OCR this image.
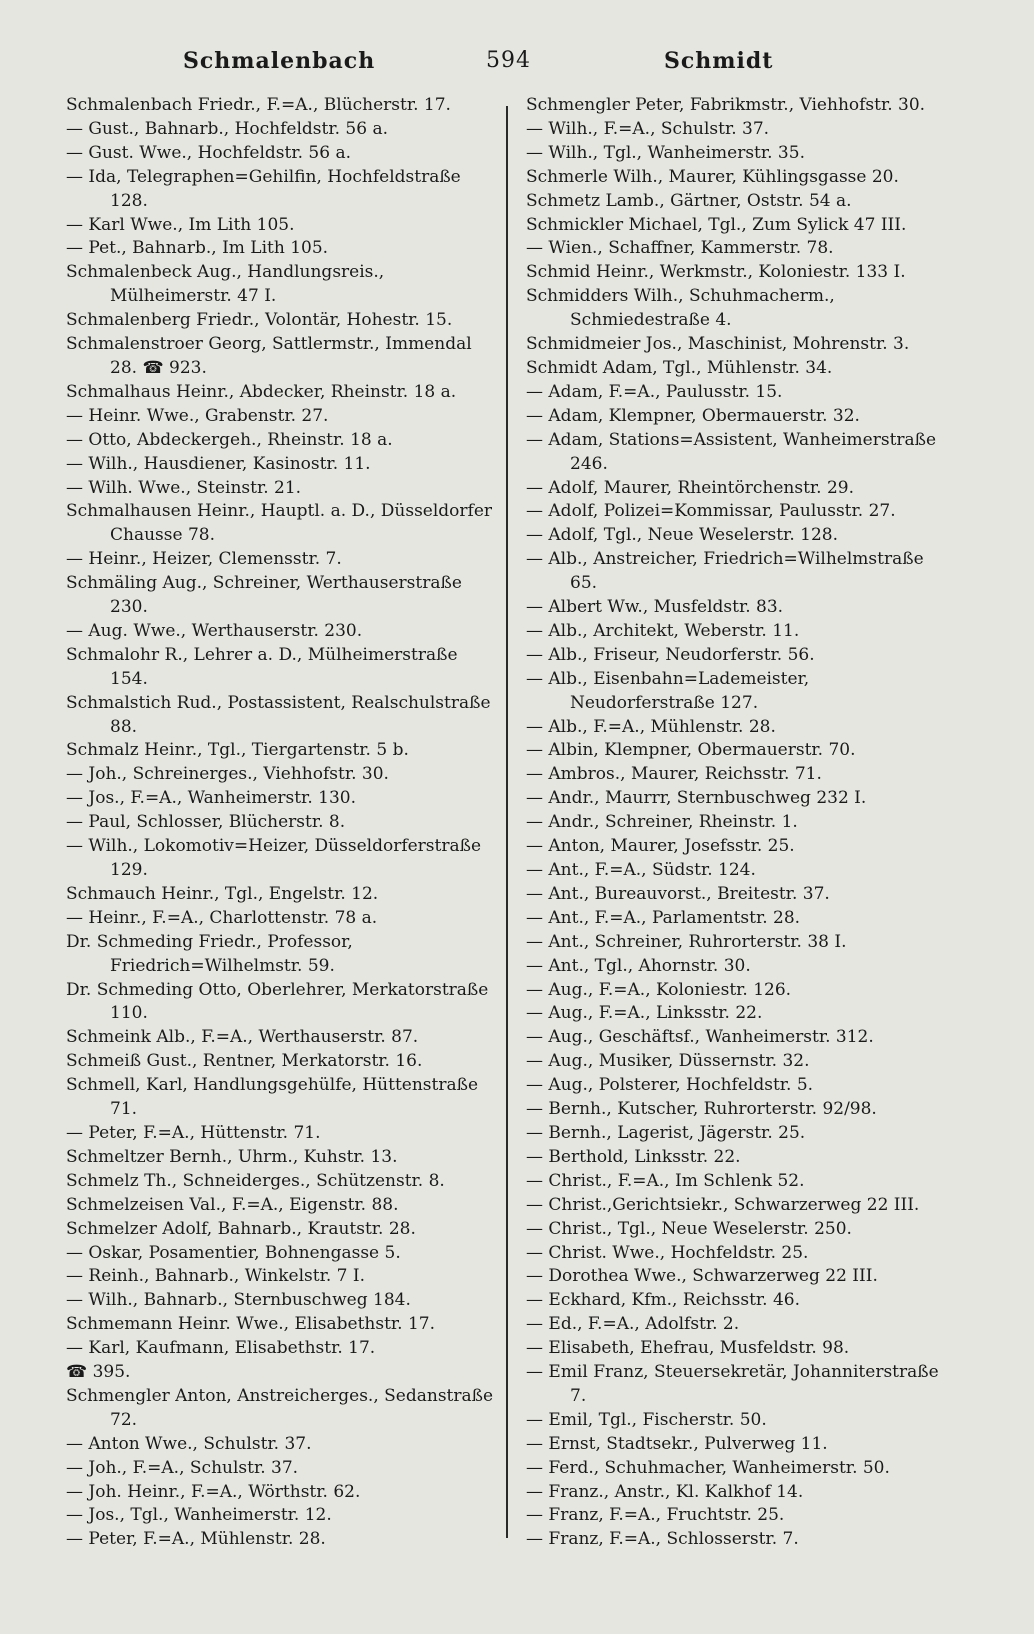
Schmalenbach	594	Schmidt
Schmalenbach Friedr., F.=A., Blücherstr. 17.
— Gust., Bahnarb., Hochfeldstr. 56 a.
— Gust. Wwe., Hochfeldstr. 56 a.
— Ida, Telegraphen=Gehilfin, Hochfeldstraße 128.
— Karl Wwe., Im Lith 105.
— Pet., Bahnarb., Im Lith 105.
Schmalenbeck Aug., Handlungsreis., Mülheimerstr. 47 I.
Schmalenberg Friedr., Volontär, Hohestr. 15.
Schmalenstroer Georg, Sattlermstr., Immendal 28. ☎ 923.
Schmalhaus Heinr., Abdecker, Rheinstr. 18 a.
— Heinr. Wwe., Grabenstr. 27.
— Otto, Abdeckergeh., Rheinstr. 18 a.
— Wilh., Hausdiener, Kasinostr. 11.
— Wilh. Wwe., Steinstr. 21.
Schmalhausen Heinr., Hauptl. a. D., Düsseldorfer Chausse 78.
— Heinr., Heizer, Clemensstr. 7.
Schmäling Aug., Schreiner, Werthauserstraße 230.
— Aug. Wwe., Werthauserstr. 230.
Schmalohr R., Lehrer a. D., Mülheimerstraße 154.
Schmalstich Rud., Postassistent, Realschulstraße 88.
Schmalz Heinr., Tgl., Tiergartenstr. 5 b.
— Joh., Schreinerges., Viehhofstr. 30.
— Jos., F.=A., Wanheimerstr. 130.
— Paul, Schlosser, Blücherstr. 8.
— Wilh., Lokomotiv=Heizer, Düsseldorferstraße 129.
Schmauch Heinr., Tgl., Engelstr. 12.
— Heinr., F.=A., Charlottenstr. 78 a.
Dr. Schmeding Friedr., Professor, Friedrich=Wilhelmstr. 59.
Dr. Schmeding Otto, Oberlehrer, Merkatorstraße 110.
Schmeink Alb., F.=A., Werthauserstr. 87.
Schmeiß Gust., Rentner, Merkatorstr. 16.
Schmell, Karl, Handlungsgehülfe, Hüttenstraße 71.
— Peter, F.=A., Hüttenstr. 71.
Schmeltzer Bernh., Uhrm., Kuhstr. 13.
Schmelz Th., Schneiderges., Schützenstr. 8.
Schmelzeisen Val., F.=A., Eigenstr. 88.
Schmelzer Adolf, Bahnarb., Krautstr. 28.
— Oskar, Posamentier, Bohnengasse 5.
— Reinh., Bahnarb., Winkelstr. 7 I.
— Wilh., Bahnarb., Sternbuschweg 184.
Schmemann Heinr. Wwe., Elisabethstr. 17.
— Karl, Kaufmann, Elisabethstr. 17.
☎ 395.
Schmengler Anton, Anstreicherges., Sedanstraße 72.
— Anton Wwe., Schulstr. 37.
— Joh., F.=A., Schulstr. 37.
— Joh. Heinr., F.=A., Wörthstr. 62.
— Jos., Tgl., Wanheimerstr. 12.
— Peter, F.=A., Mühlenstr. 28.
Schmengler Peter, Fabrikmstr., Viehhofstr. 30.
— Wilh., F.=A., Schulstr. 37.
— Wilh., Tgl., Wanheimerstr. 35.
Schmerle Wilh., Maurer, Kühlingsgasse 20.
Schmetz Lamb., Gärtner, Oststr. 54 a.
Schmickler Michael, Tgl., Zum Sylick 47 III.
— Wien., Schaffner, Kammerstr. 78.
Schmid Heinr., Werkmstr., Koloniestr. 133 I.
Schmidders Wilh., Schuhmacherm., Schmiedestraße 4.
Schmidmeier Jos., Maschinist, Mohrenstr. 3.
Schmidt Adam, Tgl., Mühlenstr. 34.
— Adam, F.=A., Paulusstr. 15.
— Adam, Klempner, Obermauerstr. 32.
— Adam, Stations=Assistent, Wanheimerstraße 246.
— Adolf, Maurer, Rheintörchenstr. 29.
— Adolf, Polizei=Kommissar, Paulusstr. 27.
— Adolf, Tgl., Neue Weselerstr. 128.
— Alb., Anstreicher, Friedrich=Wilhelmstraße 65.
— Albert Ww., Musfeldstr. 83.
— Alb., Architekt, Weberstr. 11.
— Alb., Friseur, Neudorferstr. 56.
— Alb., Eisenbahn=Lademeister, Neudorferstraße 127.
— Alb., F.=A., Mühlenstr. 28.
— Albin, Klempner, Obermauerstr. 70.
— Ambros., Maurer, Reichsstr. 71.
— Andr., Maurrr, Sternbuschweg 232 I.
— Andr., Schreiner, Rheinstr. 1.
— Anton, Maurer, Josefsstr. 25.
— Ant., F.=A., Südstr. 124.
— Ant., Bureauvorst., Breitestr. 37.
— Ant., F.=A., Parlamentstr. 28.
— Ant., Schreiner, Ruhrorterstr. 38 I.
— Ant., Tgl., Ahornstr. 30.
— Aug., F.=A., Koloniestr. 126.
— Aug., F.=A., Linksstr. 22.
— Aug., Geschäftsf., Wanheimerstr. 312.
— Aug., Musiker, Düssernstr. 32.
— Aug., Polsterer, Hochfeldstr. 5.
— Bernh., Kutscher, Ruhrorterstr. 92/98.
— Bernh., Lagerist, Jägerstr. 25.
— Berthold, Linksstr. 22.
— Christ., F.=A., Im Schlenk 52.
— Christ.,Gerichtsiekr., Schwarzerweg 22 III.
— Christ., Tgl., Neue Weselerstr. 250.
— Christ. Wwe., Hochfeldstr. 25.
— Dorothea Wwe., Schwarzerweg 22 III.
— Eckhard, Kfm., Reichsstr. 46.
— Ed., F.=A., Adolfstr. 2.
— Elisabeth, Ehefrau, Musfeldstr. 98.
— Emil Franz, Steuersekretär, Johanniterstraße 7.
— Emil, Tgl., Fischerstr. 50.
— Ernst, Stadtsekr., Pulverweg 11.
— Ferd., Schuhmacher, Wanheimerstr. 50.
— Franz., Anstr., Kl. Kalkhof 14.
— Franz, F.=A., Fruchtstr. 25.
— Franz, F.=A., Schlosserstr. 7.
